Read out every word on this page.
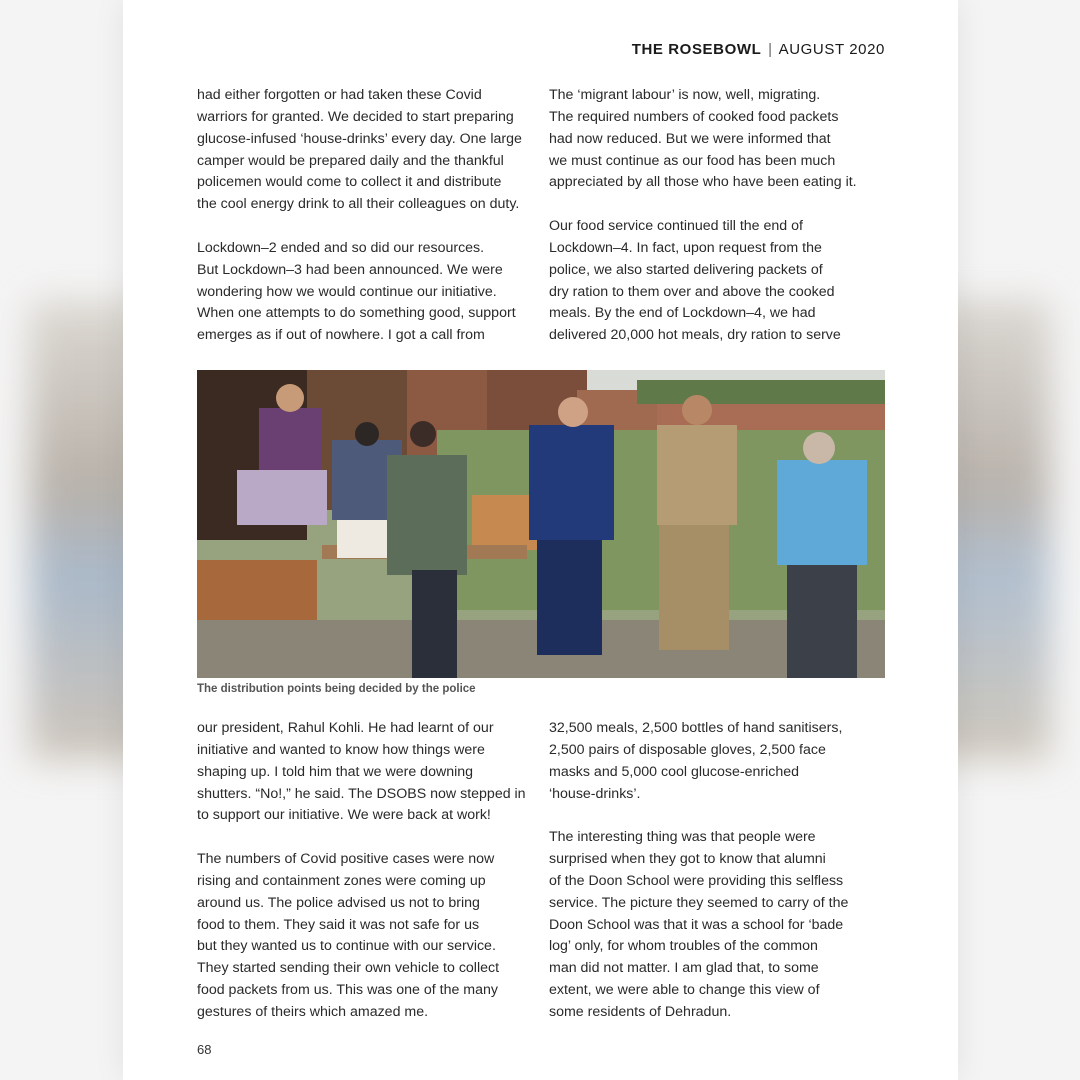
THE ROSEBOWL | AUGUST 2020

had either forgotten or had taken these Covid
warriors for granted. We decided to start preparing
glucose-infused ‘house-drinks’ every day. One large
camper would be prepared daily and the thankful
policemen would come to collect it and distribute
the cool energy drink to all their colleagues on duty.

Lockdown–2 ended and so did our resources.
But Lockdown–3 had been announced. We were
wondering how we would continue our initiative.
When one attempts to do something good, support
emerges as if out of nowhere. I got a call from

The ‘migrant labour’ is now, well, migrating.
The required numbers of cooked food packets
had now reduced. But we were informed that
we must continue as our food has been much
appreciated by all those who have been eating it.

Our food service continued till the end of
Lockdown–4. In fact, upon request from the
police, we also started delivering packets of
dry ration to them over and above the cooked
meals. By the end of Lockdown–4, we had
delivered 20,000 hot meals, dry ration to serve

The distribution points being decided by the police

our president, Rahul Kohli. He had learnt of our
initiative and wanted to know how things were
shaping up. I told him that we were downing
shutters. “No!,” he said. The DSOBS now stepped in
to support our initiative. We were back at work!

The numbers of Covid positive cases were now
rising and containment zones were coming up
around us. The police advised us not to bring
food to them. They said it was not safe for us
but they wanted us to continue with our service.
They started sending their own vehicle to collect
food packets from us. This was one of the many
gestures of theirs which amazed me.

32,500 meals, 2,500 bottles of hand sanitisers,
2,500 pairs of disposable gloves, 2,500 face
masks and 5,000 cool glucose-enriched
‘house-drinks’.

The interesting thing was that people were
surprised when they got to know that alumni
of the Doon School were providing this selfless
service. The picture they seemed to carry of the
Doon School was that it was a school for ‘bade
log’ only, for whom troubles of the common
man did not matter. I am glad that, to some
extent, we were able to change this view of
some residents of Dehradun.

68
